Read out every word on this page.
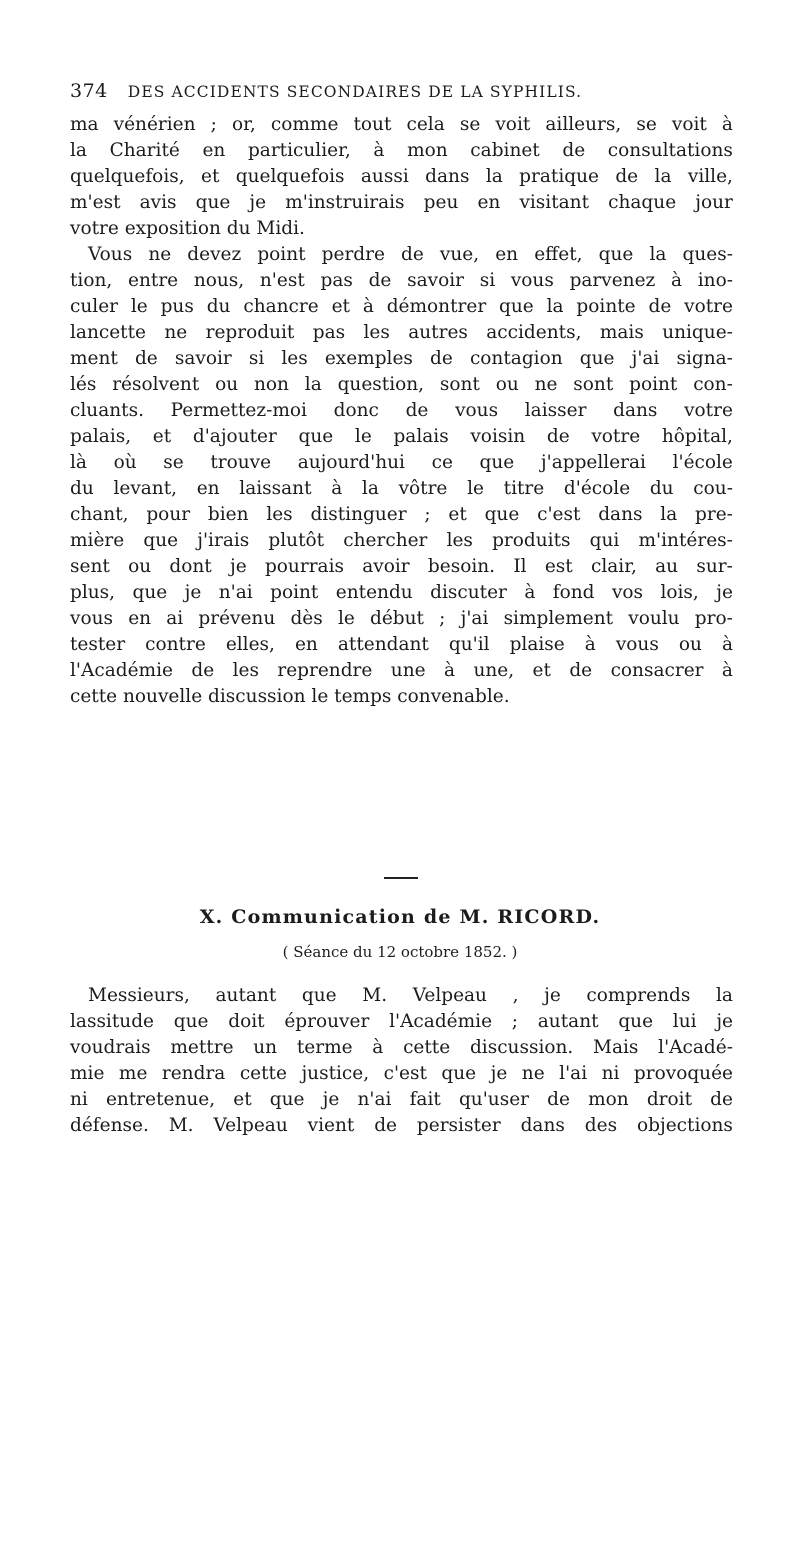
374 DES ACCIDENTS SECONDAIRES DE LA SYPHILIS.
ma vénérien ; or, comme tout cela se voit ailleurs, se voit à
la Charité en particulier, à mon cabinet de consultations
quelquefois, et quelquefois aussi dans la pratique de la ville,
m'est avis que je m'instruirais peu en visitant chaque jour
votre exposition du Midi.
Vous ne devez point perdre de vue, en effet, que la ques-
tion, entre nous, n'est pas de savoir si vous parvenez à ino-
culer le pus du chancre et à démontrer que la pointe de votre
lancette ne reproduit pas les autres accidents, mais unique-
ment de savoir si les exemples de contagion que j'ai signa-
lés résolvent ou non la question, sont ou ne sont point con-
cluants. Permettez-moi donc de vous laisser dans votre
palais, et d'ajouter que le palais voisin de votre hôpital,
là où se trouve aujourd'hui ce que j'appellerai l'école
du levant, en laissant à la vôtre le titre d'école du cou-
chant, pour bien les distinguer ; et que c'est dans la pre-
mière que j'irais plutôt chercher les produits qui m'intéres-
sent ou dont je pourrais avoir besoin. Il est clair, au sur-
plus, que je n'ai point entendu discuter à fond vos lois, je
vous en ai prévenu dès le début ; j'ai simplement voulu pro-
tester contre elles, en attendant qu'il plaise à vous ou à
l'Académie de les reprendre une à une, et de consacrer à
cette nouvelle discussion le temps convenable.
X. Communication de M. RICORD.
( Séance du 12 octobre 1852. )
Messieurs, autant que M. Velpeau , je comprends la
lassitude que doit éprouver l'Académie ; autant que lui je
voudrais mettre un terme à cette discussion. Mais l'Acadé-
mie me rendra cette justice, c'est que je ne l'ai ni provoquée
ni entretenue, et que je n'ai fait qu'user de mon droit de
défense. M. Velpeau vient de persister dans des objections
